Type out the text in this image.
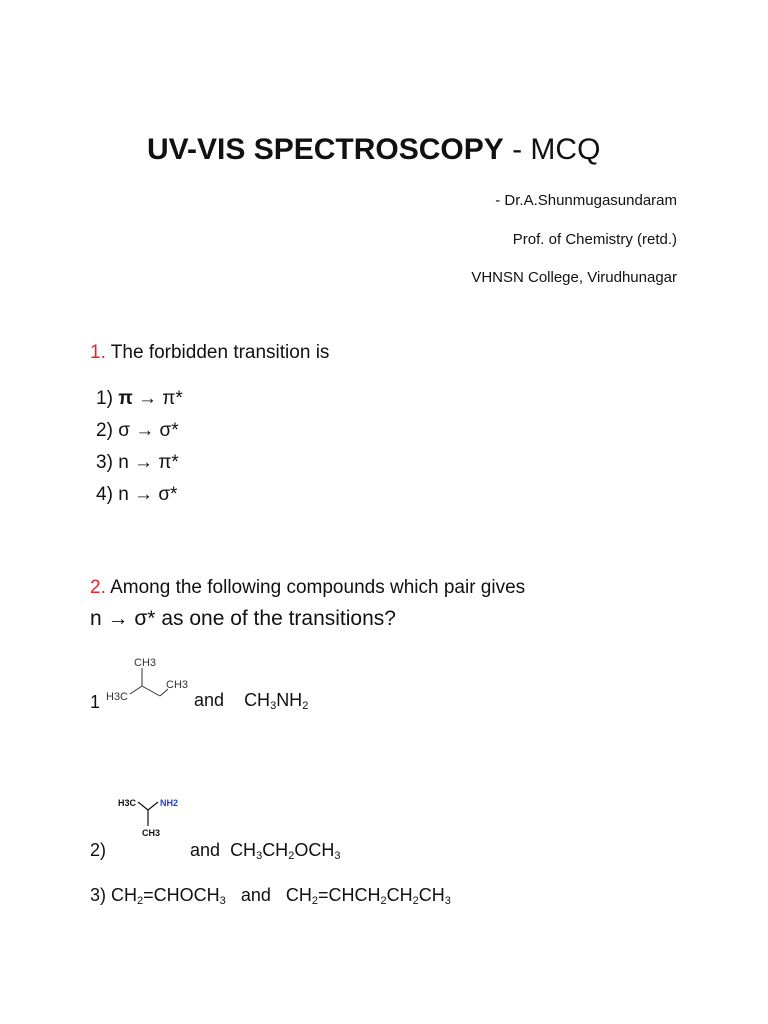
UV-VIS SPECTROSCOPY - MCQ
- Dr.A.Shunmugasundaram
Prof. of Chemistry (retd.)
VHNSN College, Virudhunagar
1. The forbidden transition is
1) π → π*
2) σ → σ*
3) n → π*
4) n → σ*
2. Among the following compounds which pair gives
n → σ* as one of the transitions?
1
CH3
H3C
CH3
and $CH_3NH_2$
H3C	NH2
CH3
2)	and $CH_3CH_2OCH_3$
3) $CH_2=CHOCH_3$ and $CH_2=CHCH_2CH_2CH_3$
